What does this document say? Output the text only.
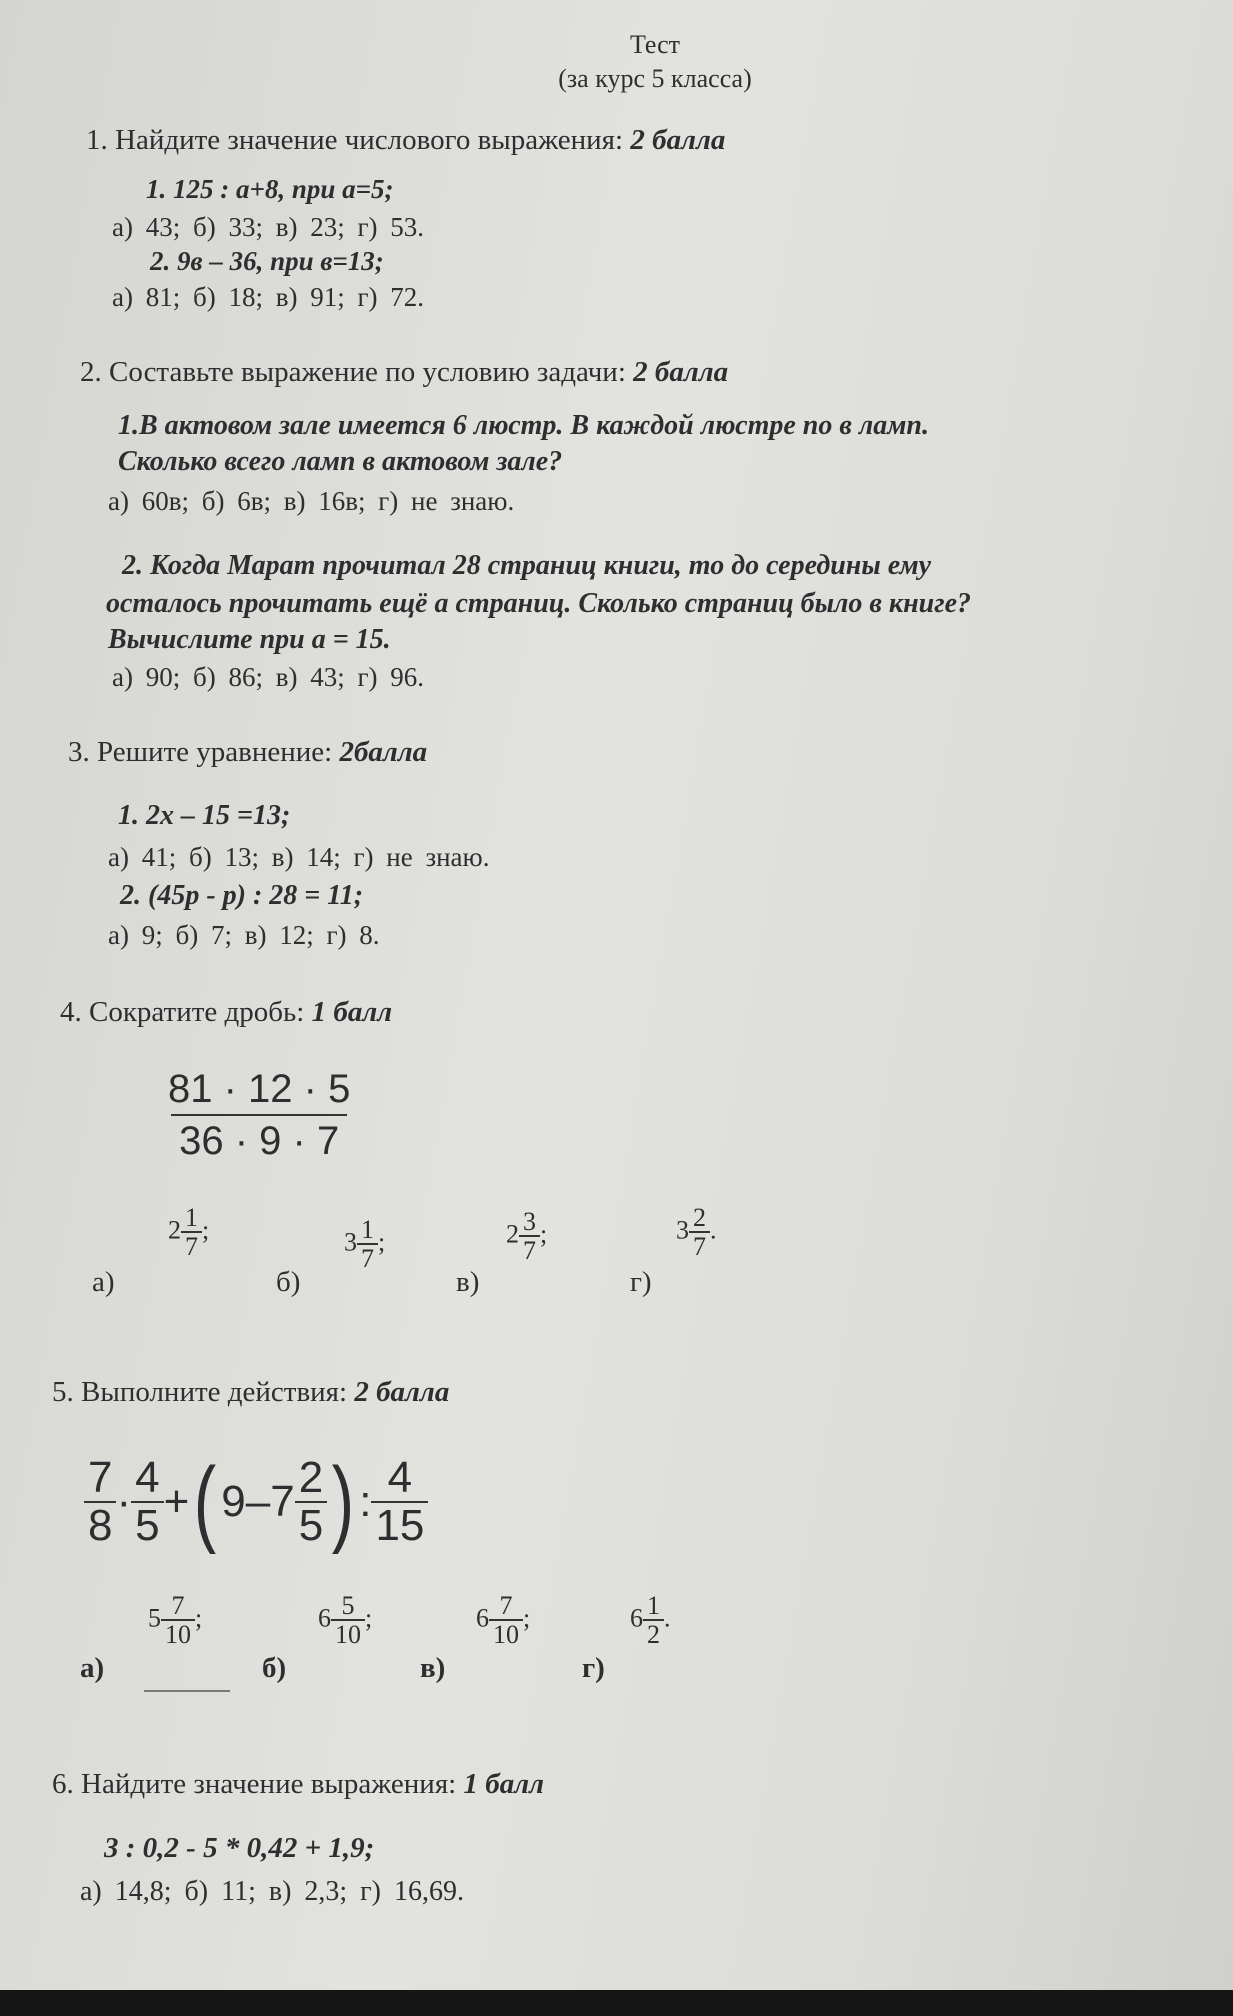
Тест
(за курс 5 класса)
1. Найдите значение числового выражения: 2 балла
1. 125 : а+8, при а=5;
а) 43; б) 33; в) 23; г) 53.
2. 9в – 36, при в=13;
а) 81; б) 18; в) 91; г) 72.
2. Составьте выражение по условию задачи: 2 балла
1.В актовом зале имеется 6 люстр. В каждой люстре по в ламп.
Сколько всего ламп в актовом зале?
а) 60в; б) 6в; в) 16в; г) не знаю.
2. Когда Марат прочитал 28 страниц книги, то до середины ему
осталось прочитать ещё а страниц. Сколько страниц было в книге?
Вычислите при а = 15.
а) 90; б) 86; в) 43; г) 96.
3. Решите уравнение: 2балла
1. 2х – 15 =13;
а) 41; б) 13; в) 14; г) не знаю.
2. (45р - р) : 28 = 11;
а) 9; б) 7; в) 12; г) 8.
4. Сократите дробь: 1 балл
$\frac{81 \cdot 12 \cdot 5}{36 \cdot 9 \cdot 7}$
а)
$2 \frac{1}{7}$ ;
б)
$3 \frac{1}{7}$ ;
в)
$2 \frac{3}{7}$ ;
г)
$3 \frac{2}{7}$ .
5. Выполните действия: 2 балла
$\frac{7}{8} \cdot \frac{4}{5}$ +( $9-7 \frac{2}{5}$ ) : $\frac{4}{15}$
а)
$5 \frac{7}{10}$ ;
б)
$6 \frac{5}{10}$ ;
в)
$6 \frac{7}{10}$ ;
г)
$6 \frac{1}{2}$ .
6. Найдите значение выражения: 1 балл
3 : 0,2 - 5 * 0,42 + 1,9;
а) 14,8; б) 11; в) 2,3; г) 16,69.
